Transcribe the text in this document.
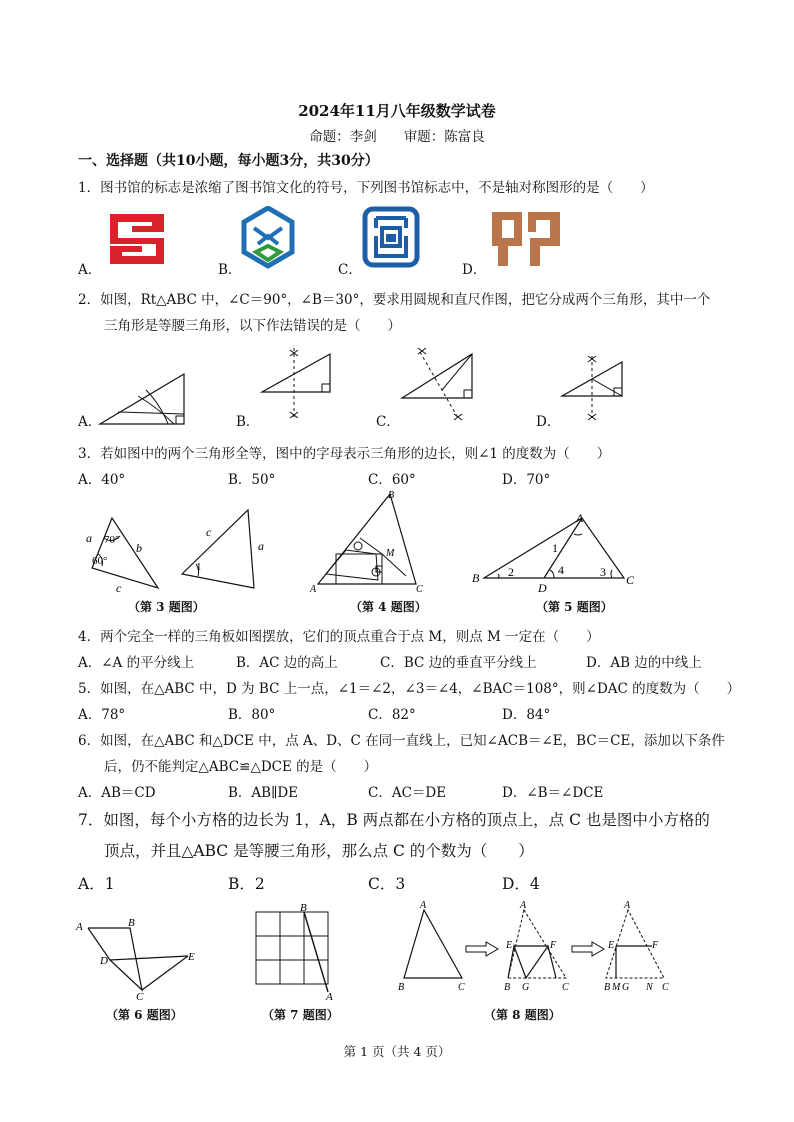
2024年11月八年级数学试卷
命题：李剑　　审题：陈富良
一、选择题（共10小题，每小题3分，共30分）
1．图书馆的标志是浓缩了图书馆文化的符号，下列图书馆标志中，不是轴对称图形的是（　　）
A．	B．	C．	D．
2．如图，Rt△ABC 中，∠C＝90°，∠B＝30°，要求用圆规和直尺作图，把它分成两个三角形，其中一个
三角形是等腰三角形，以下作法错误的是（　　）
A．	B．	C．	D．
3．若如图中的两个三角形全等，图中的字母表示三角形的边长，则∠1 的度数为（　　）
A．40°	B．50°	C．60°	D．70°
a
b
c
70°
60°
c
a
1
（第 3 题图）
B
M
A	C
（第 4 题图）
A
B	C
D
1
2	3
4
（第 5 题图）
4．两个完全一样的三角板如图摆放，它们的顶点重合于点 M，则点 M 一定在（　　）
A．∠A 的平分线上	B．AC 边的高上	C．BC 边的垂直平分线上	D．AB 边的中线上
5．如图，在△ABC 中，D 为 BC 上一点，∠1＝∠2，∠3＝∠4，∠BAC＝108°，则∠DAC 的度数为（　　）
A．78°	B．80°	C．82°	D．84°
6．如图，在△ABC 和△DCE 中，点 A、D、C 在同一直线上，已知∠ACB＝∠E，BC＝CE，添加以下条件
后，仍不能判定△ABC≌△DCE 的是（　　）
A．AB＝CD	B．AB∥DE	C．AC＝DE	D．∠B＝∠DCE
7．如图，每个小方格的边长为 1，A，B 两点都在小方格的顶点上，点 C 也是图中小方格的
顶点，并且△ABC 是等腰三角形，那么点 C 的个数为（　　）
A．1	B．2	C．3	D．4
A	B
D	E
C
（第 6 题图）
B
A
（第 7 题图）
A
B	C
A
E	F
B G	C
A
E	F
B M G N C
（第 8 题图）
第 1 页（共 4 页）
